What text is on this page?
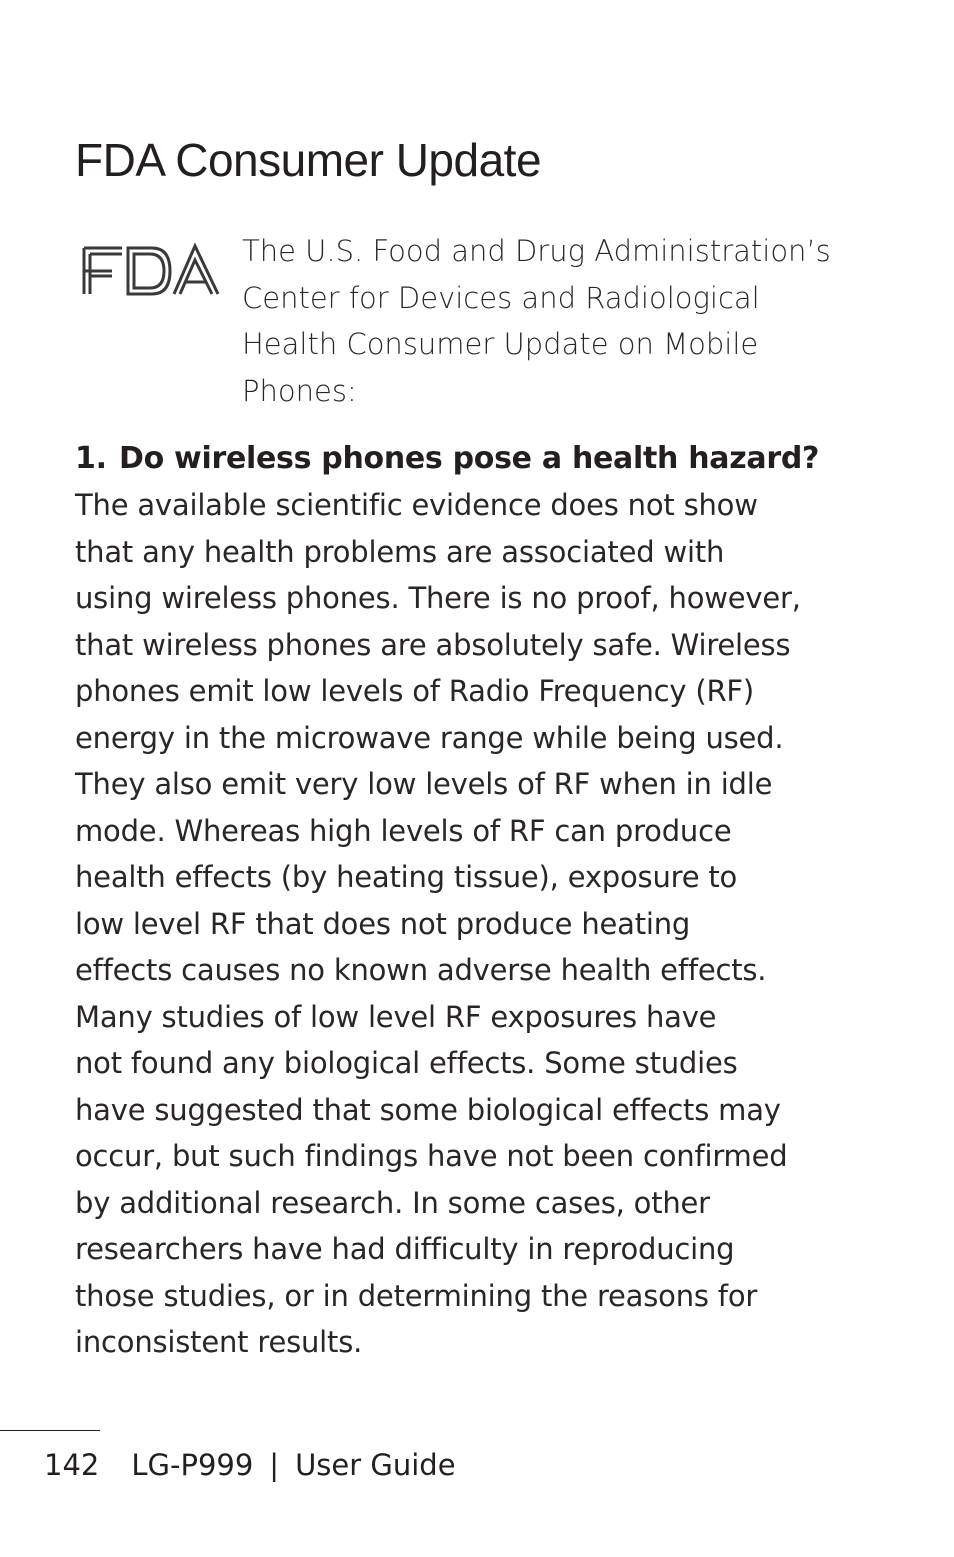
FDA Consumer Update

The U.S. Food and Drug Administration’s
Center for Devices and Radiological
Health Consumer Update on Mobile
Phones:

1. Do wireless phones pose a health hazard?

The available scientific evidence does not show
that any health problems are associated with
using wireless phones. There is no proof, however,
that wireless phones are absolutely safe. Wireless
phones emit low levels of Radio Frequency (RF)
energy in the microwave range while being used.
They also emit very low levels of RF when in idle
mode. Whereas high levels of RF can produce
health effects (by heating tissue), exposure to
low level RF that does not produce heating
effects causes no known adverse health effects.
Many studies of low level RF exposures have
not found any biological effects. Some studies
have suggested that some biological effects may
occur, but such findings have not been confirmed
by additional research. In some cases, other
researchers have had difficulty in reproducing
those studies, or in determining the reasons for
inconsistent results.

142 LG-P999 | User Guide
